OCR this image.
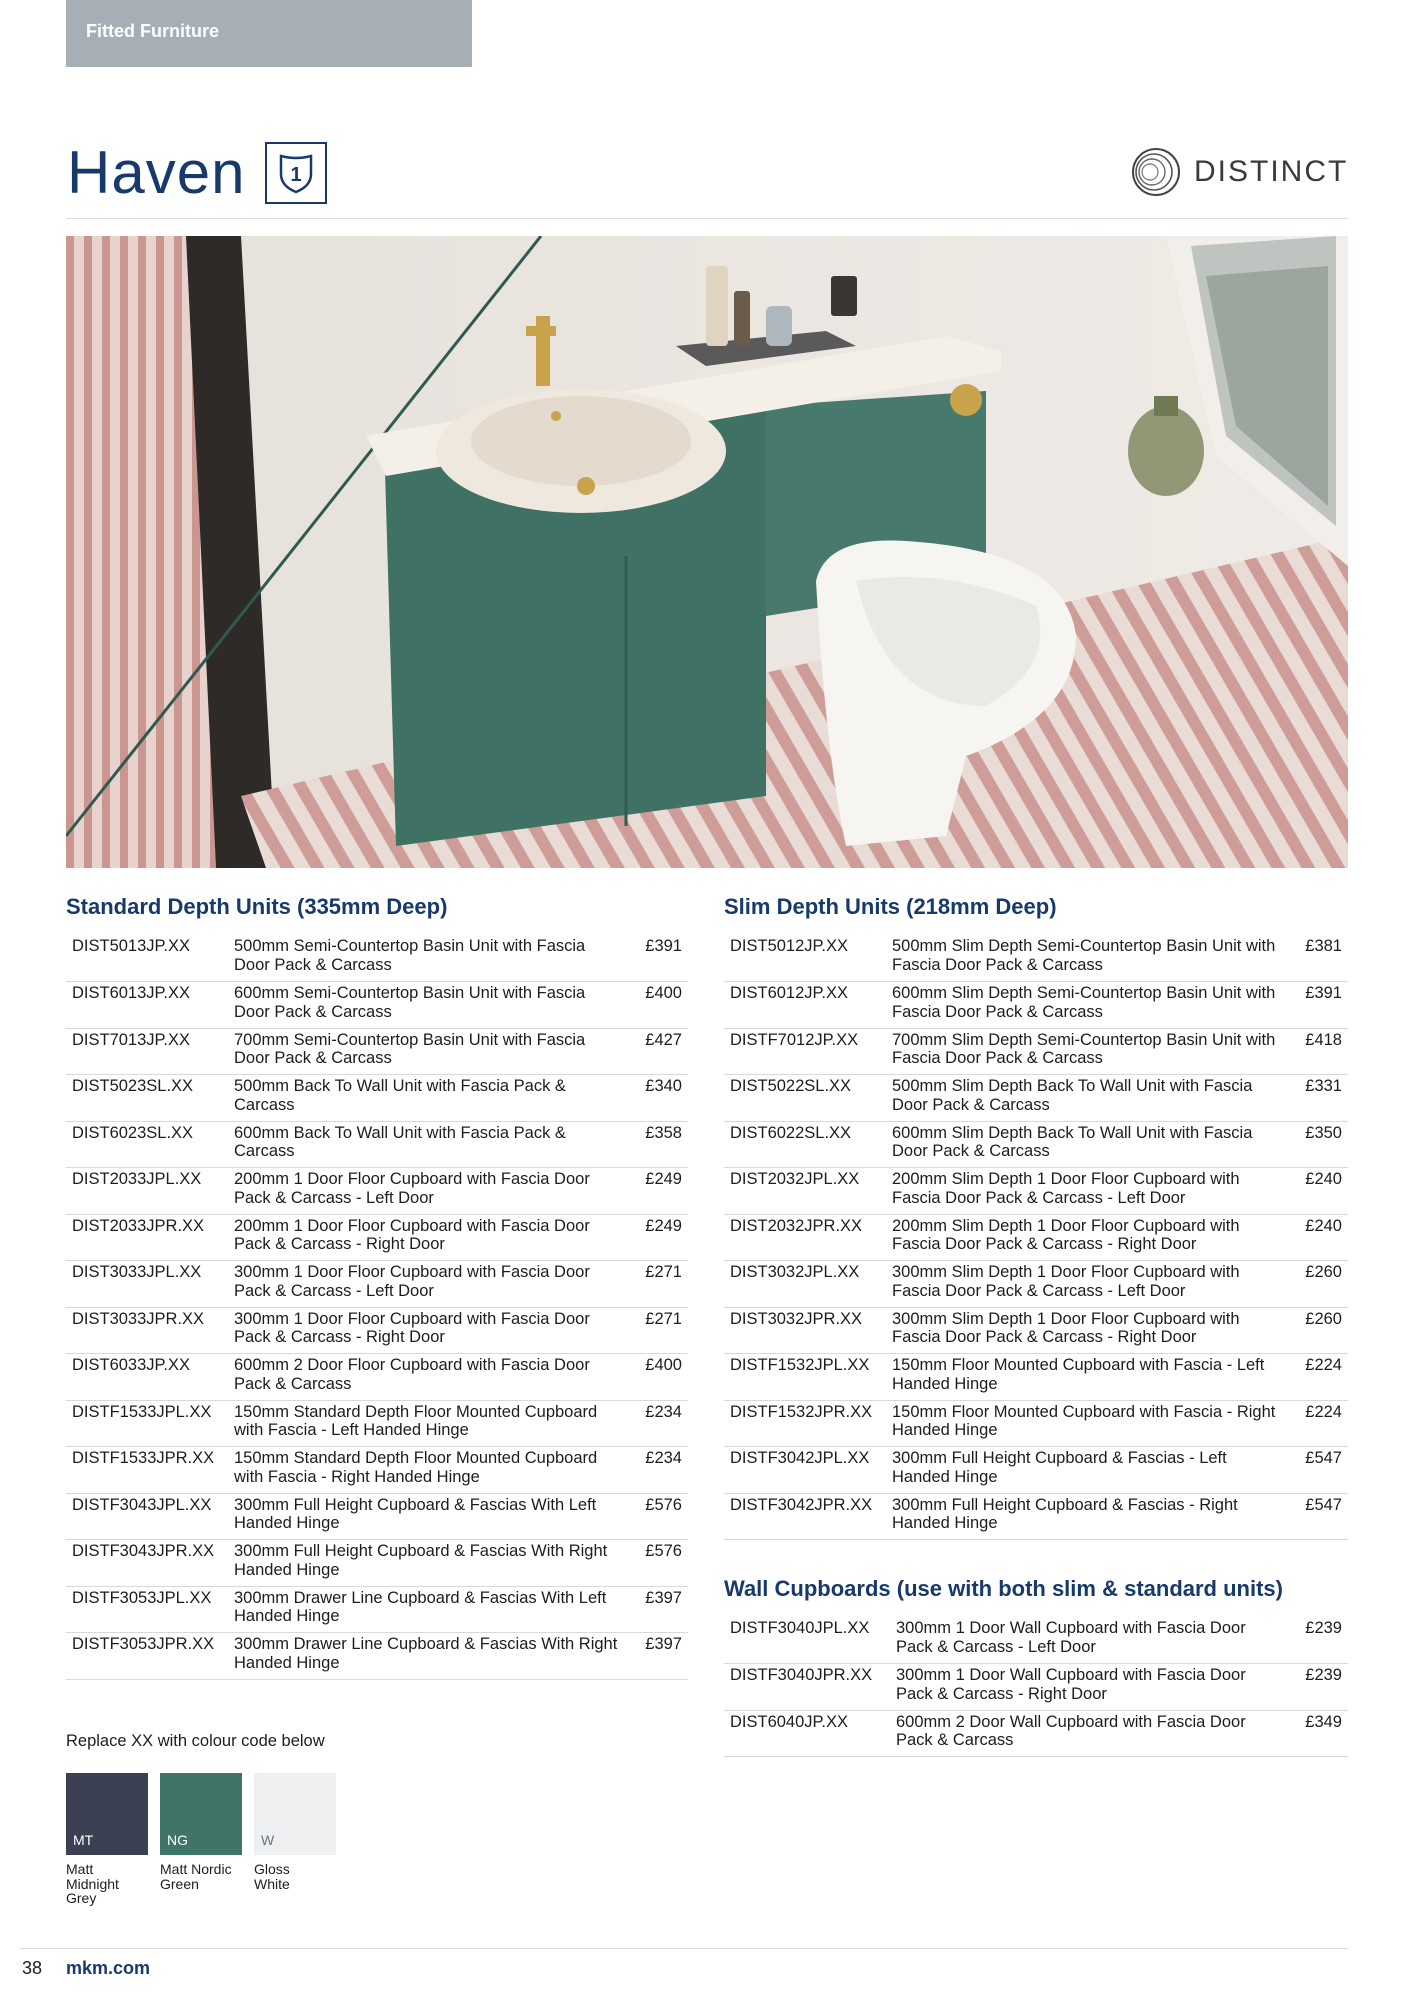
Fitted Furniture
Haven 1	DISTINCT
Standard Depth Units (335mm Deep)
DIST5013JP.XX	500mm Semi-Countertop Basin Unit with Fascia Door Pack & Carcass	£391
DIST6013JP.XX	600mm Semi-Countertop Basin Unit with Fascia Door Pack & Carcass	£400
DIST7013JP.XX	700mm Semi-Countertop Basin Unit with Fascia Door Pack & Carcass	£427
DIST5023SL.XX	500mm Back To Wall Unit with Fascia Pack & Carcass	£340
DIST6023SL.XX	600mm Back To Wall Unit with Fascia Pack & Carcass	£358
DIST2033JPL.XX	200mm 1 Door Floor Cupboard with Fascia Door Pack & Carcass - Left Door	£249
DIST2033JPR.XX	200mm 1 Door Floor Cupboard with Fascia Door Pack & Carcass - Right Door	£249
DIST3033JPL.XX	300mm 1 Door Floor Cupboard with Fascia Door Pack & Carcass - Left Door	£271
DIST3033JPR.XX	300mm 1 Door Floor Cupboard with Fascia Door Pack & Carcass - Right Door	£271
DIST6033JP.XX	600mm 2 Door Floor Cupboard with Fascia Door Pack & Carcass	£400
DISTF1533JPL.XX	150mm Standard Depth Floor Mounted Cupboard with Fascia - Left Handed Hinge	£234
DISTF1533JPR.XX	150mm Standard Depth Floor Mounted Cupboard with Fascia - Right Handed Hinge	£234
DISTF3043JPL.XX	300mm Full Height Cupboard & Fascias With Left Handed Hinge	£576
DISTF3043JPR.XX	300mm Full Height Cupboard & Fascias With Right Handed Hinge	£576
DISTF3053JPL.XX	300mm Drawer Line Cupboard & Fascias With Left Handed Hinge	£397
DISTF3053JPR.XX	300mm Drawer Line Cupboard & Fascias With Right Handed Hinge	£397
Slim Depth Units (218mm Deep)
DIST5012JP.XX	500mm Slim Depth Semi-Countertop Basin Unit with Fascia Door Pack & Carcass	£381
DIST6012JP.XX	600mm Slim Depth Semi-Countertop Basin Unit with Fascia Door Pack & Carcass	£391
DISTF7012JP.XX	700mm Slim Depth Semi-Countertop Basin Unit with Fascia Door Pack & Carcass	£418
DIST5022SL.XX	500mm Slim Depth Back To Wall Unit with Fascia Door Pack & Carcass	£331
DIST6022SL.XX	600mm Slim Depth Back To Wall Unit with Fascia Door Pack & Carcass	£350
DIST2032JPL.XX	200mm Slim Depth 1 Door Floor Cupboard with Fascia Door Pack & Carcass - Left Door	£240
DIST2032JPR.XX	200mm Slim Depth 1 Door Floor Cupboard with Fascia Door Pack & Carcass - Right Door	£240
DIST3032JPL.XX	300mm Slim Depth 1 Door Floor Cupboard with Fascia Door Pack & Carcass - Left Door	£260
DIST3032JPR.XX	300mm Slim Depth 1 Door Floor Cupboard with Fascia Door Pack & Carcass - Right Door	£260
DISTF1532JPL.XX	150mm Floor Mounted Cupboard with Fascia - Left Handed Hinge	£224
DISTF1532JPR.XX	150mm Floor Mounted Cupboard with Fascia - Right Handed Hinge	£224
DISTF3042JPL.XX	300mm Full Height Cupboard & Fascias - Left Handed Hinge	£547
DISTF3042JPR.XX	300mm Full Height Cupboard & Fascias - Right Handed Hinge	£547
Wall Cupboards (use with both slim & standard units)
DISTF3040JPL.XX	300mm 1 Door Wall Cupboard with Fascia Door Pack & Carcass - Left Door	£239
DISTF3040JPR.XX	300mm 1 Door Wall Cupboard with Fascia Door Pack & Carcass - Right Door	£239
DIST6040JP.XX	600mm 2 Door Wall Cupboard with Fascia Door Pack & Carcass	£349
Replace XX with colour code below
MT	NG	W
Matt
Midnight
Grey
Matt Nordic
Green
Gloss
White
38 mkm.com
